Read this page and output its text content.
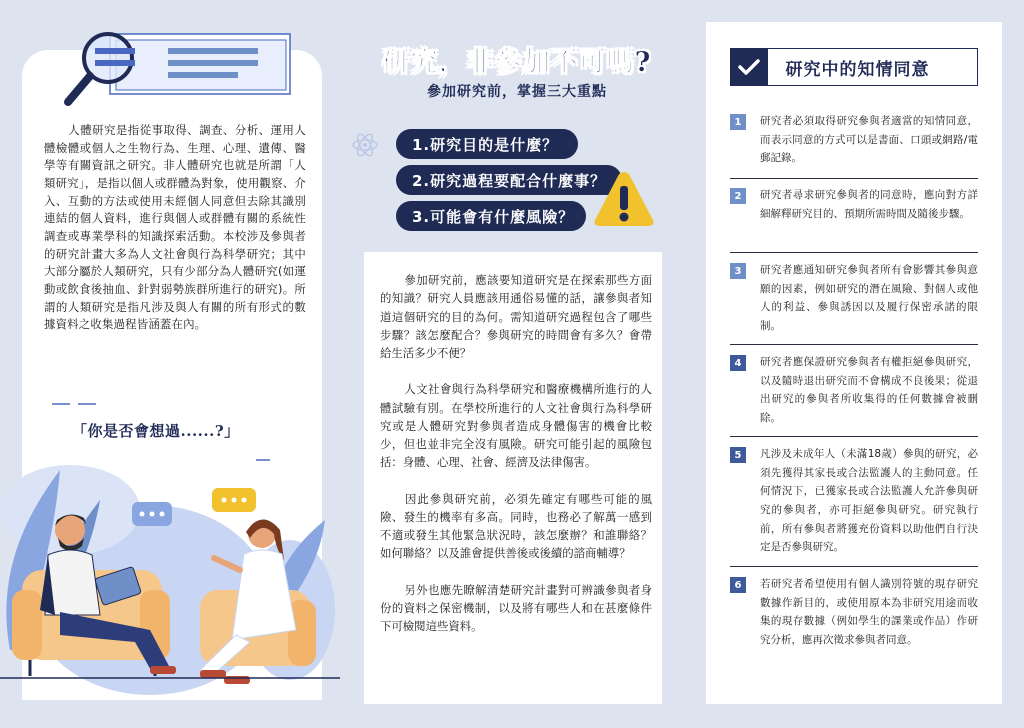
人體研究是指從事取得、調查、分析、運用人體檢體或個人之生物行為、生理、心理、遺傳、醫學等有關資訊之研究。非人體研究也就是所謂「人類研究」，是指以個人或群體為對象，使用觀察、介入、互動的方法或使用未經個人同意但去除其識別連結的個人資料，進行與個人或群體有關的系統性調查或專業學科的知識探索活動。本校涉及參與者的研究計畫大多為人文社會與行為科學研究；其中大部分屬於人類研究，只有少部分為人體研究(如運動或飲食後抽血、針對弱勢族群所進行的研究)。所謂的人類研究是指凡涉及與人有關的所有形式的數據資料之收集過程皆涵蓋在內。
「你是否會想過......?」
研究，非參加不可嗎?
參加研究前，掌握三大重點
1.研究目的是什麼？
2.研究過程要配合什麼事？
3.可能會有什麼風險？

參加研究前，應該要知道研究是在探索那些方面的知識？研究人員應該用通俗易懂的話，讓參與者知道這個研究的目的為何。需知道研究過程包含了哪些步驟？該怎麼配合？參與研究的時間會有多久？會帶給生活多少不便？

人文社會與行為科學研究和醫療機構所進行的人體試驗有別。在學校所進行的人文社會與行為科學研究或是人體研究對參與者造成身體傷害的機會比較少，但也並非完全沒有風險。研究可能引起的風險包括：身體、心理、社會、經濟及法律傷害。

因此參與研究前，必須先確定有哪些可能的風險、發生的機率有多高。同時，也務必了解萬一感到不適或發生其他緊急狀況時，該怎麼辦？和誰聯絡？如何聯絡？以及誰會提供善後或後續的諮商輔導？

另外也應先瞭解清楚研究計畫對可辨識參與者身份的資料之保密機制，以及將有哪些人和在甚麼條件下可檢閱這些資料。

研究中的知情同意
1	研究者必須取得研究參與者適當的知情同意，而表示同意的方式可以是書面、口頭或網路/電郵記錄。
2	研究者尋求研究參與者的同意時，應向對方詳細解釋研究目的、預期所需時間及隨後步驟。
3	研究者應通知研究參與者所有會影響其參與意願的因素，例如研究的潛在風險、對個人或他人的利益、參與誘因以及履行保密承諾的限制。
4	研究者應保證研究參與者有權拒絕參與研究，以及隨時退出研究而不會構成不良後果；從退出研究的參與者所收集得的任何數據會被刪除。
5	凡涉及未成年人（未滿18歲）參與的研究，必須先獲得其家長或合法監護人的主動同意。任何情況下，已獲家長或合法監護人允許參與研究的參與者，亦可拒絕參與研究。研究執行前，所有參與者將獲充份資料以助他們自行決定是否參與研究。
6	若研究者希望使用有個人識別符號的現存研究數據作新目的，或使用原本為非研究用途而收集的現存數據（例如學生的課業或作品）作研究分析，應再次徵求參與者同意。
